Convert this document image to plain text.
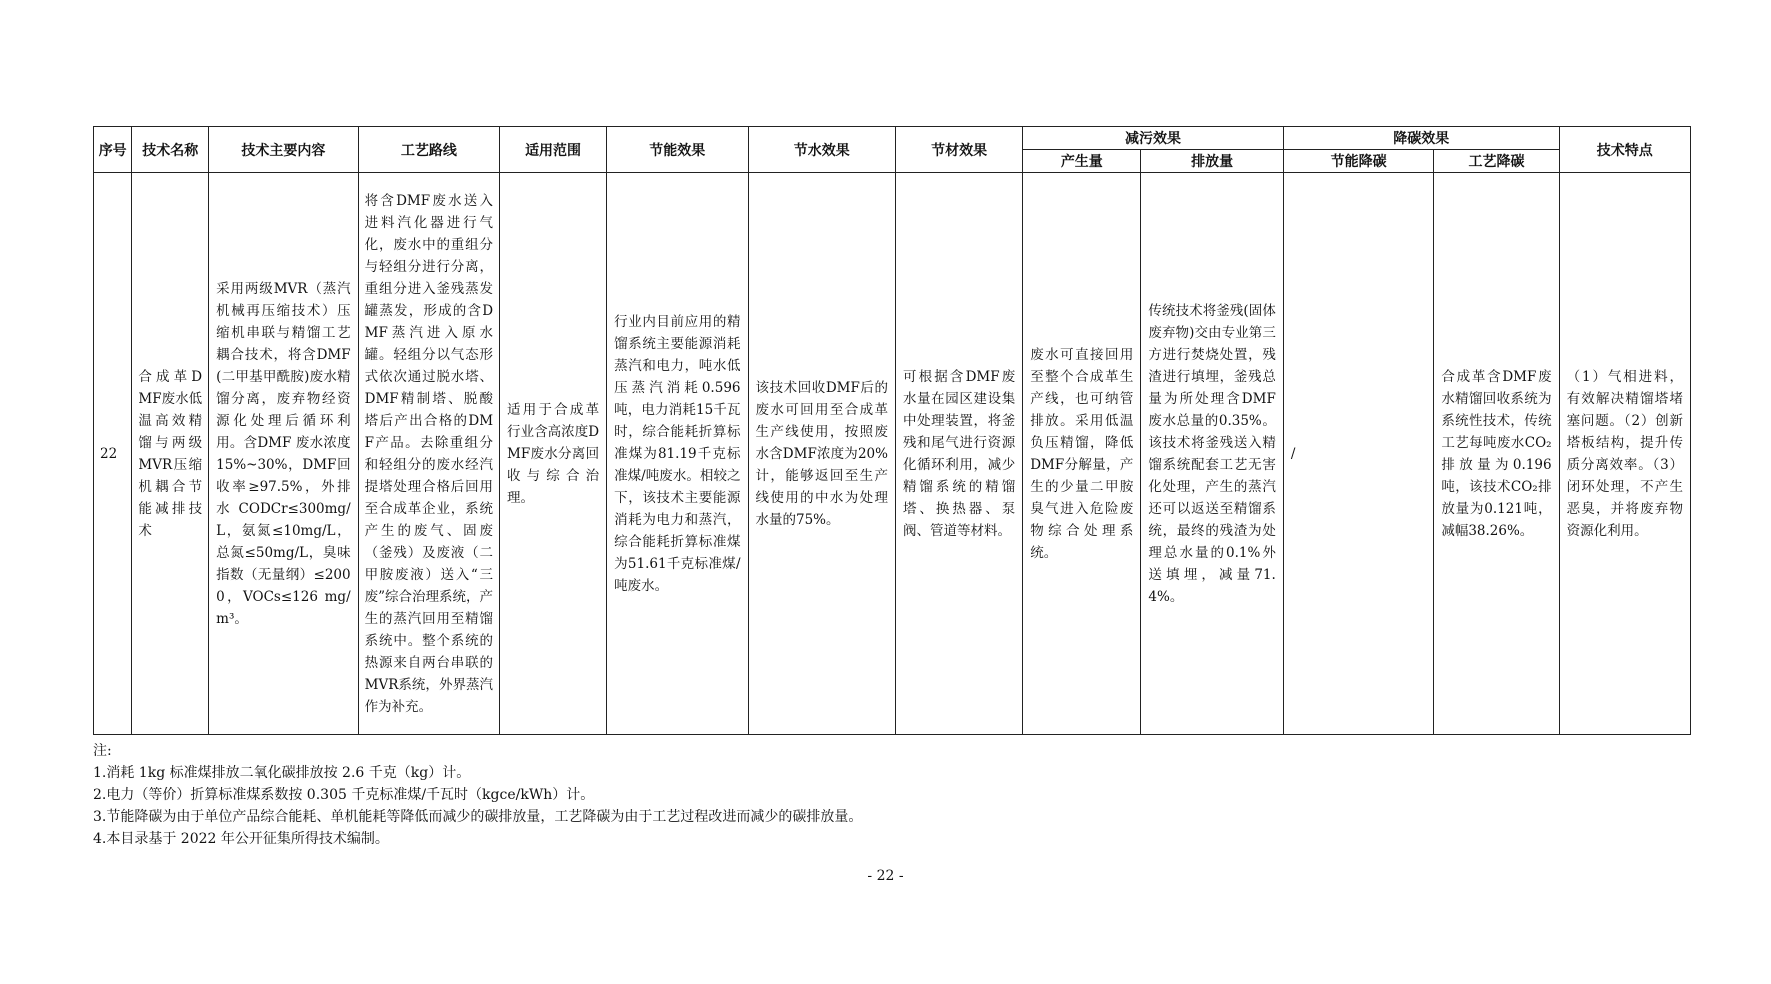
序号	技术名称	技术主要内容	工艺路线	适用范围	节能效果	节水效果	节材效果	减污效果		降碳效果		技术特点
								产生量	排放量	节能降碳	工艺降碳	
22	合成革DMF废水低温高效精馏与两级 MVR压缩机耦合节能减排技术	采用两级MVR（蒸汽机械再压缩技术）压缩机串联与精馏工艺耦合技术，将含DMF(二甲基甲酰胺)废水精馏分离，废弃物经资源化处理后循环利用。含DMF 废水浓度15%~30%，DMF回收率≥97.5%，外排水CODCr≤300mg/L，氨氮≤10mg/L，总氮≤50mg/L，臭味指数（无量纲）≤2000，VOCs≤126 mg/m³。	将含DMF废水送入进料汽化器进行气化，废水中的重组分与轻组分进行分离，重组分进入釜残蒸发罐蒸发，形成的含DMF蒸汽进入原水罐。轻组分以气态形式依次通过脱水塔、DMF精制塔、脱酸塔后产出合格的DMF产品。去除重组分和轻组分的废水经汽提塔处理合格后回用至合成革企业，系统产生的废气、固废（釜残）及废液（二甲胺废液）送入“三废”综合治理系统，产生的蒸汽回用至精馏系统中。整个系统的热源来自两台串联的MVR系统，外界蒸汽作为补充。	适用于合成革行业含高浓度DMF废水分离回收与综合治理。	行业内目前应用的精馏系统主要能源消耗蒸汽和电力，吨水低压蒸汽消耗0.596吨，电力消耗15千瓦时，综合能耗折算标准煤为81.19千克标准煤/吨废水。相较之下，该技术主要能源消耗为电力和蒸汽，综合能耗折算标准煤为51.61千克标准煤/吨废水。	该技术回收DMF后的废水可回用至合成革生产线使用，按照废水含DMF浓度为20%计，能够返回至生产线使用的中水为处理水量的75%。	可根据含DMF废水量在园区建设集中处理装置，将釜残和尾气进行资源化循环利用，减少精馏系统的精馏塔、换热器、泵阀、管道等材料。	废水可直接回用至整个合成革生产线，也可纳管排放。采用低温负压精馏，降低DMF分解量，产生的少量二甲胺臭气进入危险废物综合处理系统。	传统技术将釜残(固体废弃物)交由专业第三方进行焚烧处置，残渣进行填埋，釜残总量为所处理含DMF废水总量的0.35%。该技术将釜残送入精馏系统配套工艺无害化处理，产生的蒸汽还可以返送至精馏系统，最终的残渣为处理总水量的0.1%外送填埋，减量71.4%。	/	合成革含DMF废水精馏回收系统为系统性技术，传统工艺每吨废水CO₂排放量为0.196吨，该技术CO₂排放量为0.121吨，减幅38.26%。	（1）气相进料，有效解决精馏塔堵塞问题。（2）创新塔板结构，提升传质分离效率。（3）闭环处理，不产生恶臭，并将废弃物资源化利用。
注:
1.消耗 1kg 标准煤排放二氧化碳排放按 2.6 千克（kg）计。
2.电力（等价）折算标准煤系数按 0.305 千克标准煤/千瓦时（kgce/kWh）计。
3.节能降碳为由于单位产品综合能耗、单机能耗等降低而减少的碳排放量，工艺降碳为由于工艺过程改进而减少的碳排放量。
4.本目录基于 2022 年公开征集所得技术编制。
- 22 -
